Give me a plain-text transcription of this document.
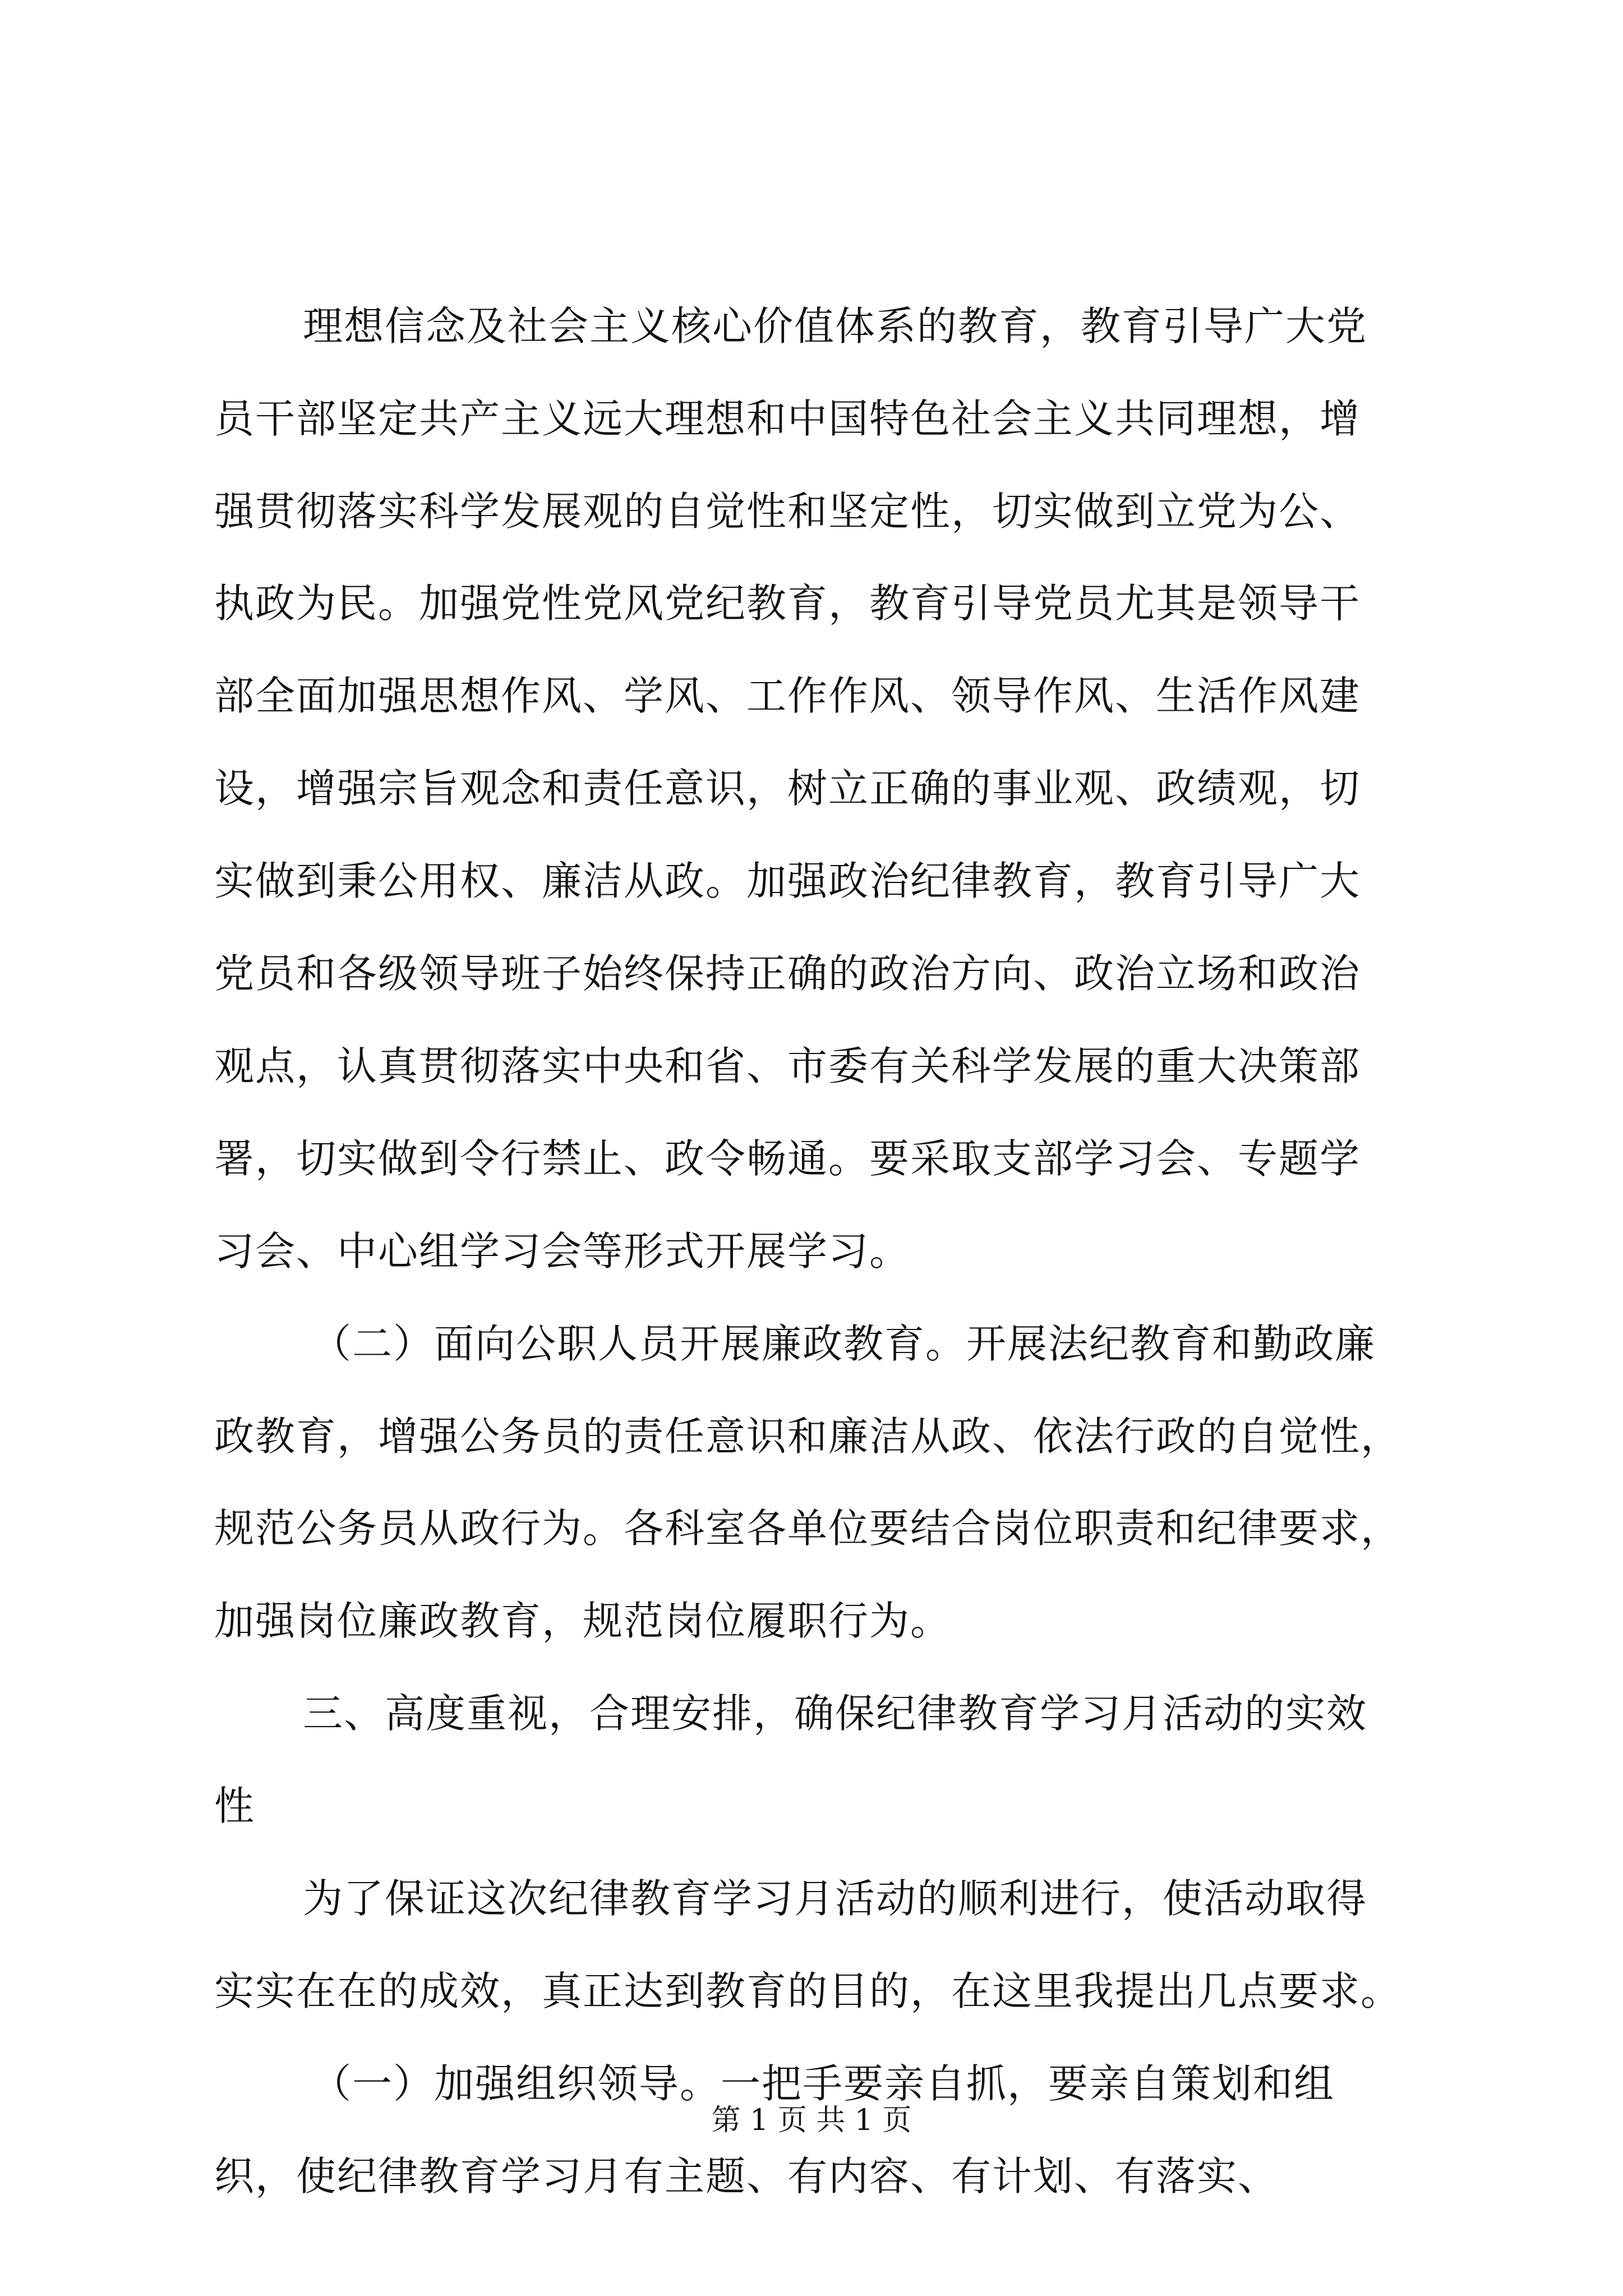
理想信念及社会主义核心价值体系的教育，教育引导广大党
员干部坚定共产主义远大理想和中国特色社会主义共同理想，增
强贯彻落实科学发展观的自觉性和坚定性，切实做到立党为公、
执政为民。加强党性党风党纪教育，教育引导党员尤其是领导干
部全面加强思想作风、学风、工作作风、领导作风、生活作风建
设，增强宗旨观念和责任意识，树立正确的事业观、政绩观，切
实做到秉公用权、廉洁从政。加强政治纪律教育，教育引导广大
党员和各级领导班子始终保持正确的政治方向、政治立场和政治
观点，认真贯彻落实中央和省、市委有关科学发展的重大决策部
署，切实做到令行禁止、政令畅通。要采取支部学习会、专题学
习会、中心组学习会等形式开展学习。
（二）面向公职人员开展廉政教育。开展法纪教育和勤政廉
政教育，增强公务员的责任意识和廉洁从政、依法行政的自觉性，
规范公务员从政行为。各科室各单位要结合岗位职责和纪律要求，
加强岗位廉政教育，规范岗位履职行为。
三、高度重视，合理安排，确保纪律教育学习月活动的实效
性
为了保证这次纪律教育学习月活动的顺利进行，使活动取得
实实在在的成效，真正达到教育的目的，在这里我提出几点要求。
（一）加强组织领导。一把手要亲自抓，要亲自策划和组
织，使纪律教育学习月有主题、有内容、有计划、有落实、
第 1 页 共 1 页
